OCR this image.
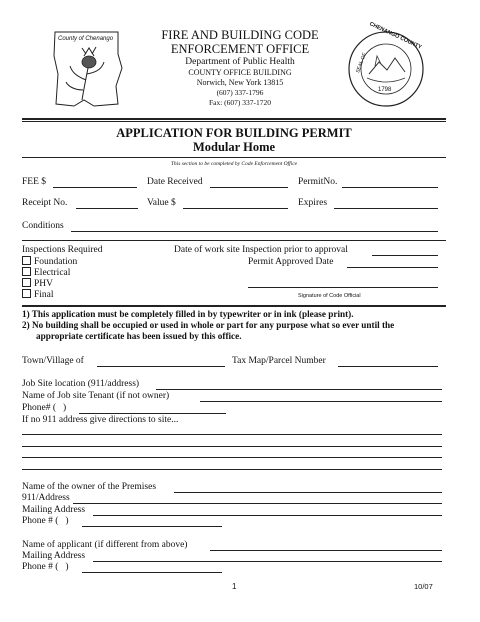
County of Chenango	FIRE AND BUILDING CODE
ENFORCEMENT OFFICE
Department of Public Health
COUNTY OFFICE BUILDING
Norwich, New York 13815
(607) 337-1796
Fax: (607) 337-1720
SEAL OF
CHENANGO COUNTY
1798
APPLICATION FOR BUILDING PERMIT
Modular Home
This section to be completed by Code Enforcement Office
FEE $	Date Received	PermitNo.
Receipt No.	Value $	Expires
Conditions
Inspections Required
Foundation
Electrical
PHV
Final
Date of work site Inspection prior to approval
Permit Approved Date
Signature of Code Official
1) This application must be completely filled in by typewriter or in ink (please print).
2) No building shall be occupied or used in whole or part for any purpose what so ever until the
appropriate certificate has been issued by this office.
Town/Village of	Tax Map/Parcel Number
Job Site location (911/address)
Name of Job site Tenant (if not owner)
Phone# ( )
If no 911 address give directions to site...
Name of the owner of the Premises
911/Address
Mailing Address
Phone # ( )
Name of applicant (if different from above)
Mailing Address
Phone # ( )
1	10/07
